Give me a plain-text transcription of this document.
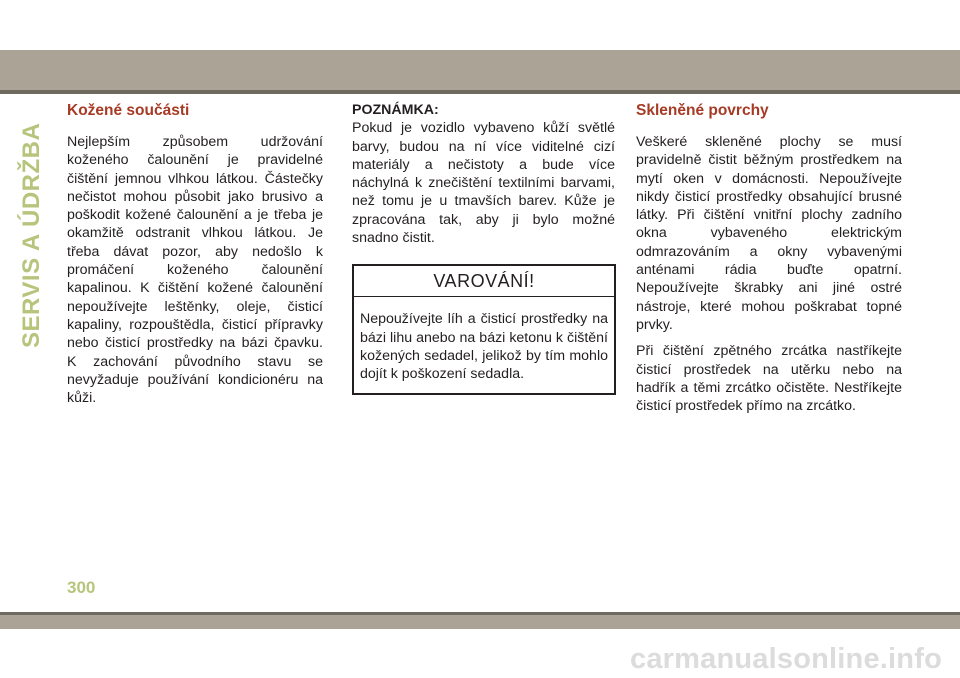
SERVIS A ÚDRŽBA
Kožené součásti

Nejlepším způsobem udržování koženého čalounění je pravidelné čištění jemnou vlhkou látkou. Částečky nečistot mohou působit jako brusivo a poškodit kožené čalounění a je třeba je okamžitě odstranit vlhkou látkou. Je třeba dávat pozor, aby nedošlo k promáčení koženého čalounění kapalinou. K čištění kožené čalounění nepoužívejte leštěnky, oleje, čisticí kapaliny, rozpouštědla, čisticí přípravky nebo čisticí prostředky na bázi čpavku. K zachování původního stavu se nevyžaduje používání kondicionéru na kůži.

POZNÁMKA:

Pokud je vozidlo vybaveno kůží světlé barvy, budou na ní více viditelné cizí materiály a nečistoty a bude více náchylná k znečištění textilními barvami, než tomu je u tmavších barev. Kůže je zpracována tak, aby ji bylo možné snadno čistit.

VAROVÁNÍ!

Nepoužívejte líh a čisticí prostředky na bázi lihu anebo na bázi ketonu k čištění kožených sedadel, jelikož by tím mohlo dojít k poškození sedadla.

Skleněné povrchy

Veškeré skleněné plochy se musí pravidelně čistit běžným prostředkem na mytí oken v domácnosti. Nepoužívejte nikdy čisticí prostředky obsahující brusné látky. Při čištění vnitřní plochy zadního okna vybaveného elektrickým odmrazováním a okny vybavenými anténami rádia buďte opatrní. Nepoužívejte škrabky ani jiné ostré nástroje, které mohou poškrabat topné prvky.

Při čištění zpětného zrcátka nastříkejte čisticí prostředek na utěrku nebo na hadřík a těmi zrcátko očistěte. Nestříkejte čisticí prostředek přímo na zrcátko.

300
carmanualsonline.info
